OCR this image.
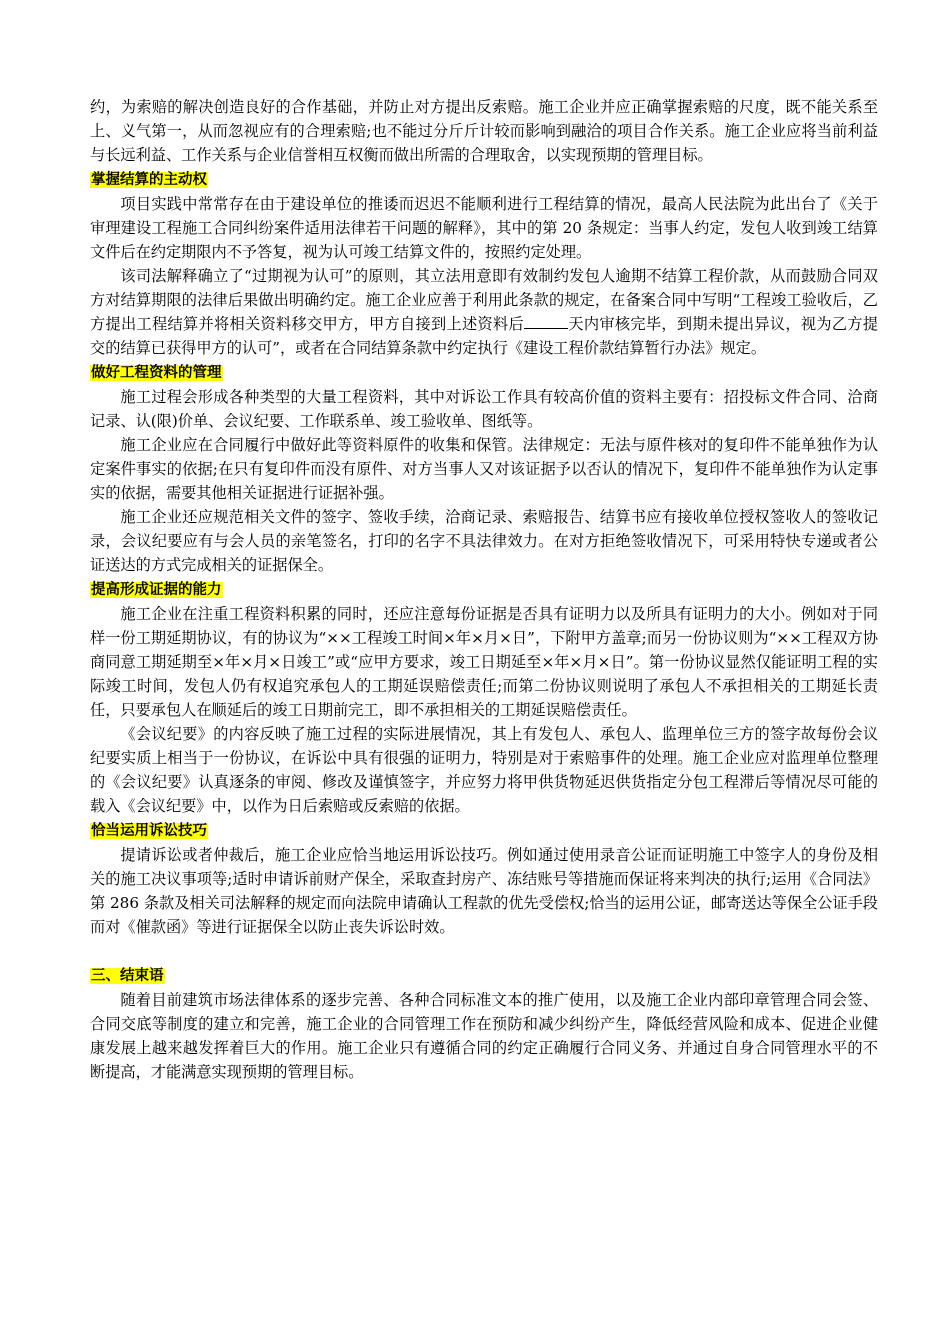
约，为索赔的解决创造良好的合作基础，并防止对方提出反索赔。施工企业并应正确掌握索赔的尺度，既不能关系至上、义气第一，从而忽视应有的合理索赔;也不能过分斤斤计较而影响到融洽的项目合作关系。施工企业应将当前利益与长远利益、工作关系与企业信誉相互权衡而做出所需的合理取舍，以实现预期的管理目标。

掌握结算的主动权

项目实践中常常存在由于建设单位的推诿而迟迟不能顺利进行工程结算的情况，最高人民法院为此出台了《关于审理建设工程施工合同纠纷案件适用法律若干问题的解释》，其中的第 20 条规定：当事人约定，发包人收到竣工结算文件后在约定期限内不予答复，视为认可竣工结算文件的，按照约定处理。

该司法解释确立了“过期视为认可”的原则，其立法用意即有效制约发包人逾期不结算工程价款，从而鼓励合同双方对结算期限的法律后果做出明确约定。施工企业应善于利用此条款的规定，在备案合同中写明“工程竣工验收后，乙方提出工程结算并将相关资料移交甲方，甲方自接到上述资料后	天内审核完毕，到期未提出异议，视为乙方提交的结算已获得甲方的认可”，或者在合同结算条款中约定执行《建设工程价款结算暂行办法》规定。

做好工程资料的管理

施工过程会形成各种类型的大量工程资料，其中对诉讼工作具有较高价值的资料主要有：招投标文件合同、洽商记录、认(限)价单、会议纪要、工作联系单、竣工验收单、图纸等。

施工企业应在合同履行中做好此等资料原件的收集和保管。法律规定：无法与原件核对的复印件不能单独作为认定案件事实的依据;在只有复印件而没有原件、对方当事人又对该证据予以否认的情况下，复印件不能单独作为认定事实的依据，需要其他相关证据进行证据补强。

施工企业还应规范相关文件的签字、签收手续，洽商记录、索赔报告、结算书应有接收单位授权签收人的签收记录，会议纪要应有与会人员的亲笔签名，打印的名字不具法律效力。在对方拒绝签收情况下，可采用特快专递或者公证送达的方式完成相关的证据保全。

提高形成证据的能力

施工企业在注重工程资料积累的同时，还应注意每份证据是否具有证明力以及所具有证明力的大小。例如对于同样一份工期延期协议，有的协议为“××工程竣工时间×年×月×日”，下附甲方盖章;而另一份协议则为“××工程双方协商同意工期延期至×年×月×日竣工”或“应甲方要求，竣工日期延至×年×月×日”。第一份协议显然仅能证明工程的实际竣工时间，发包人仍有权追究承包人的工期延误赔偿责任;而第二份协议则说明了承包人不承担相关的工期延长责任，只要承包人在顺延后的竣工日期前完工，即不承担相关的工期延误赔偿责任。

《会议纪要》的内容反映了施工过程的实际进展情况，其上有发包人、承包人、监理单位三方的签字故每份会议纪要实质上相当于一份协议，在诉讼中具有很强的证明力，特别是对于索赔事件的处理。施工企业应对监理单位整理的《会议纪要》认真逐条的审阅、修改及谨慎签字，并应努力将甲供货物延迟供货指定分包工程滞后等情况尽可能的载入《会议纪要》中，以作为日后索赔或反索赔的依据。

恰当运用诉讼技巧

提请诉讼或者仲裁后，施工企业应恰当地运用诉讼技巧。例如通过使用录音公证而证明施工中签字人的身份及相关的施工决议事项等;适时申请诉前财产保全，采取查封房产、冻结账号等措施而保证将来判决的执行;运用《合同法》第 286 条款及相关司法解释的规定而向法院申请确认工程款的优先受偿权;恰当的运用公证，邮寄送达等保全公证手段而对《催款函》等进行证据保全以防止丧失诉讼时效。

三、结束语

随着目前建筑市场法律体系的逐步完善、各种合同标准文本的推广使用，以及施工企业内部印章管理合同会签、合同交底等制度的建立和完善，施工企业的合同管理工作在预防和减少纠纷产生，降低经营风险和成本、促进企业健康发展上越来越发挥着巨大的作用。施工企业只有遵循合同的约定正确履行合同义务、并通过自身合同管理水平的不断提高，才能满意实现预期的管理目标。
